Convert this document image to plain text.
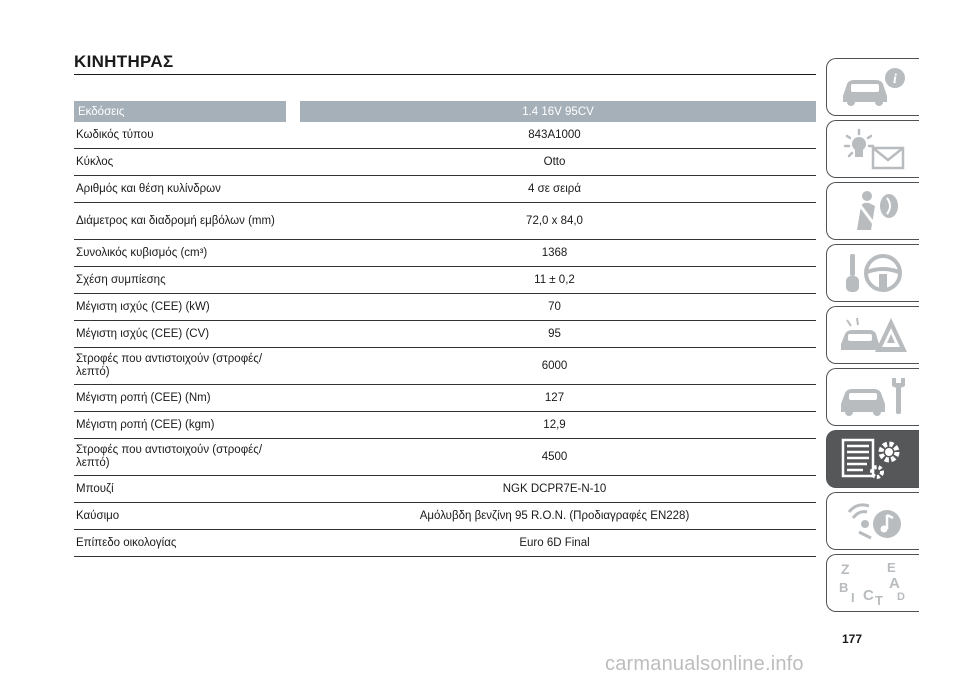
ΚΙΝΗΤΗΡΑΣ
Εκδόσεις	1.4 16V 95CV
Κωδικός τύπου	843A1000
Κύκλος	Otto
Αριθμός και θέση κυλίνδρων	4 σε σειρά
Διάμετρος και διαδρομή εμβόλων (mm)	72,0 x 84,0
Συνολικός κυβισμός (cm³)	1368
Σχέση συμπίεσης	11 ± 0,2
Μέγιστη ισχύς (CEE) (kW)	70
Μέγιστη ισχύς (CEE) (CV)	95
Στροφές που αντιστοιχούν (στροφές/λεπτό)	6000
Μέγιστη ροπή (CEE) (Nm)	127
Μέγιστη ροπή (CEE) (kgm)	12,9
Στροφές που αντιστοιχούν (στροφές/λεπτό)	4500
Μπουζί	NGK DCPR7E-N-10
Καύσιμο	Αμόλυβδη βενζίνη 95 R.O.N. (Προδιαγραφές EN228)
Επίπεδο οικολογίας	Euro 6D Final
i
Z	E
A
B
D
I C T
177
carmanualsonline.info
